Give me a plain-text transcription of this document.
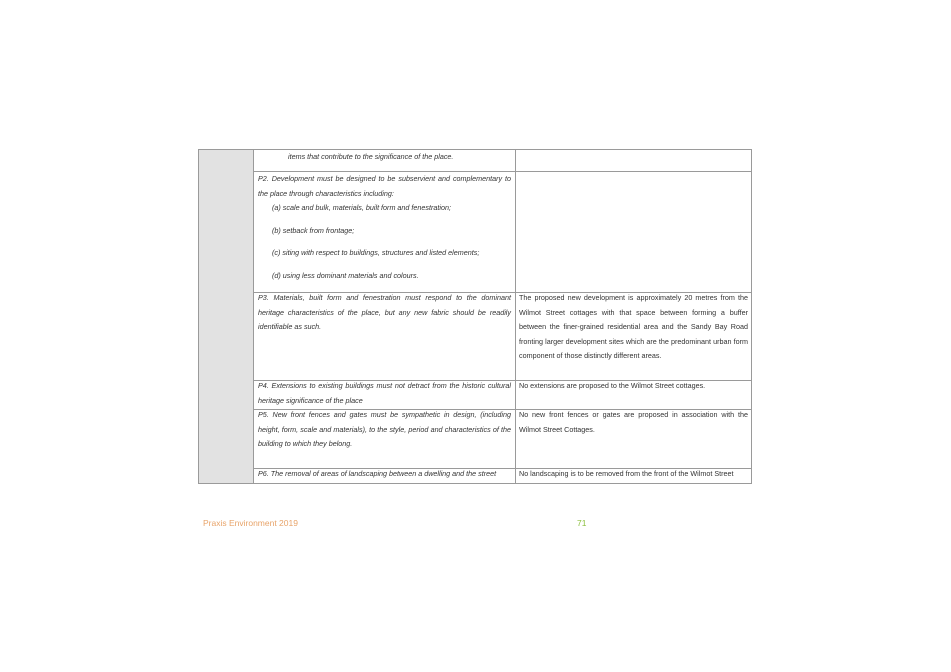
items that contribute to the significance of the place.
P2. Development must be designed to be subservient and complementary to the place through characteristics including:
(a) scale and bulk, materials, built form and fenestration;
(b) setback from frontage;
(c) siting with respect to buildings, structures and listed elements;
(d) using less dominant materials and colours.
P3. Materials, built form and fenestration must respond to the dominant heritage characteristics of the place, but any new fabric should be readily identifiable as such.
The proposed new development is approximately 20 metres from the Wilmot Street cottages with that space between forming a buffer between the finer-grained residential area and the Sandy Bay Road fronting larger development sites which are the predominant urban form component of those distinctly different areas.
P4. Extensions to existing buildings must not detract from the historic cultural heritage significance of the place
No extensions are proposed to the Wilmot Street cottages.
P5. New front fences and gates must be sympathetic in design, (including height, form, scale and materials), to the style, period and characteristics of the building to which they belong.
No new front fences or gates are proposed in association with the Wilmot Street Cottages.
P6. The removal of areas of landscaping between a dwelling and the street	No landscaping is to be removed from the front of the Wilmot Street
Praxis Environment 2019	71
